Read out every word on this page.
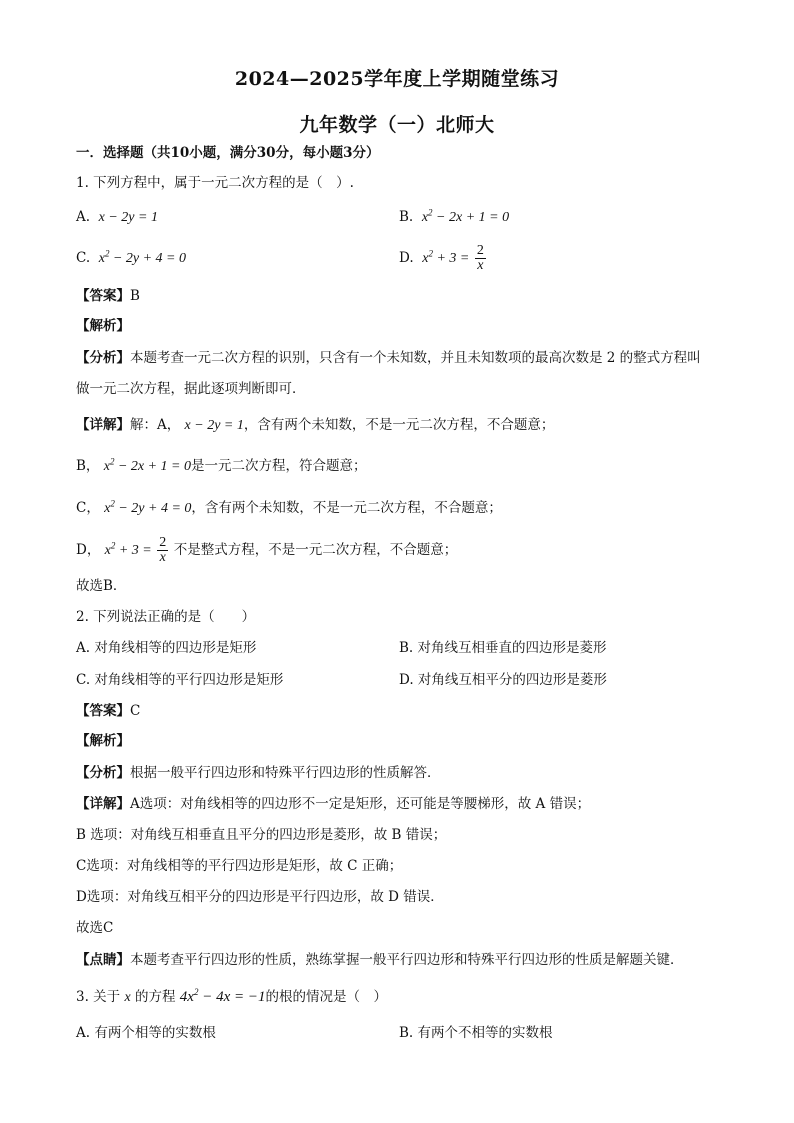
2024—2025学年度上学期随堂练习
九年数学（一）北师大
一．选择题（共10小题，满分30分，每小题3分）
1. 下列方程中，属于一元二次方程的是（　）.
A. x − 2y = 1	B. $x^2 - 2x + 1 = 0$
C. $x^2 - 2y + 4 = 0$	D. $x^2 + 3 = \frac{2}{x}$
【答案】B
【解析】
【分析】本题考查一元二次方程的识别，只含有一个未知数，并且未知数项的最高次数是 2 的整式方程叫
做一元二次方程，据此逐项判断即可．
【详解】解：A， x − 2y = 1，含有两个未知数，不是一元二次方程，不合题意；
B， $x^2 - 2x + 1 = 0$是一元二次方程，符合题意；
C， $x^2 - 2y + 4 = 0$，含有两个未知数，不是一元二次方程，不合题意；
D， $x^2 + 3 = \frac{2}{x}$ 不是整式方程，不是一元二次方程，不合题意；
故选B．
2. 下列说法正确的是（　　）
A. 对角线相等的四边形是矩形	B. 对角线互相垂直的四边形是菱形
C. 对角线相等的平行四边形是矩形	D. 对角线互相平分的四边形是菱形
【答案】C
【解析】
【分析】根据一般平行四边形和特殊平行四边形的性质解答．
【详解】A选项：对角线相等的四边形不一定是矩形，还可能是等腰梯形，故 A 错误；
B 选项：对角线互相垂直且平分的四边形是菱形，故 B 错误；
C选项：对角线相等的平行四边形是矩形，故 C 正确；
D选项：对角线互相平分的四边形是平行四边形，故 D 错误．
故选C
【点睛】本题考查平行四边形的性质，熟练掌握一般平行四边形和特殊平行四边形的性质是解题关键．
3. 关于 x 的方程 $4x^2 - 4x = -1$的根的情况是（　）
A. 有两个相等的实数根	B. 有两个不相等的实数根
